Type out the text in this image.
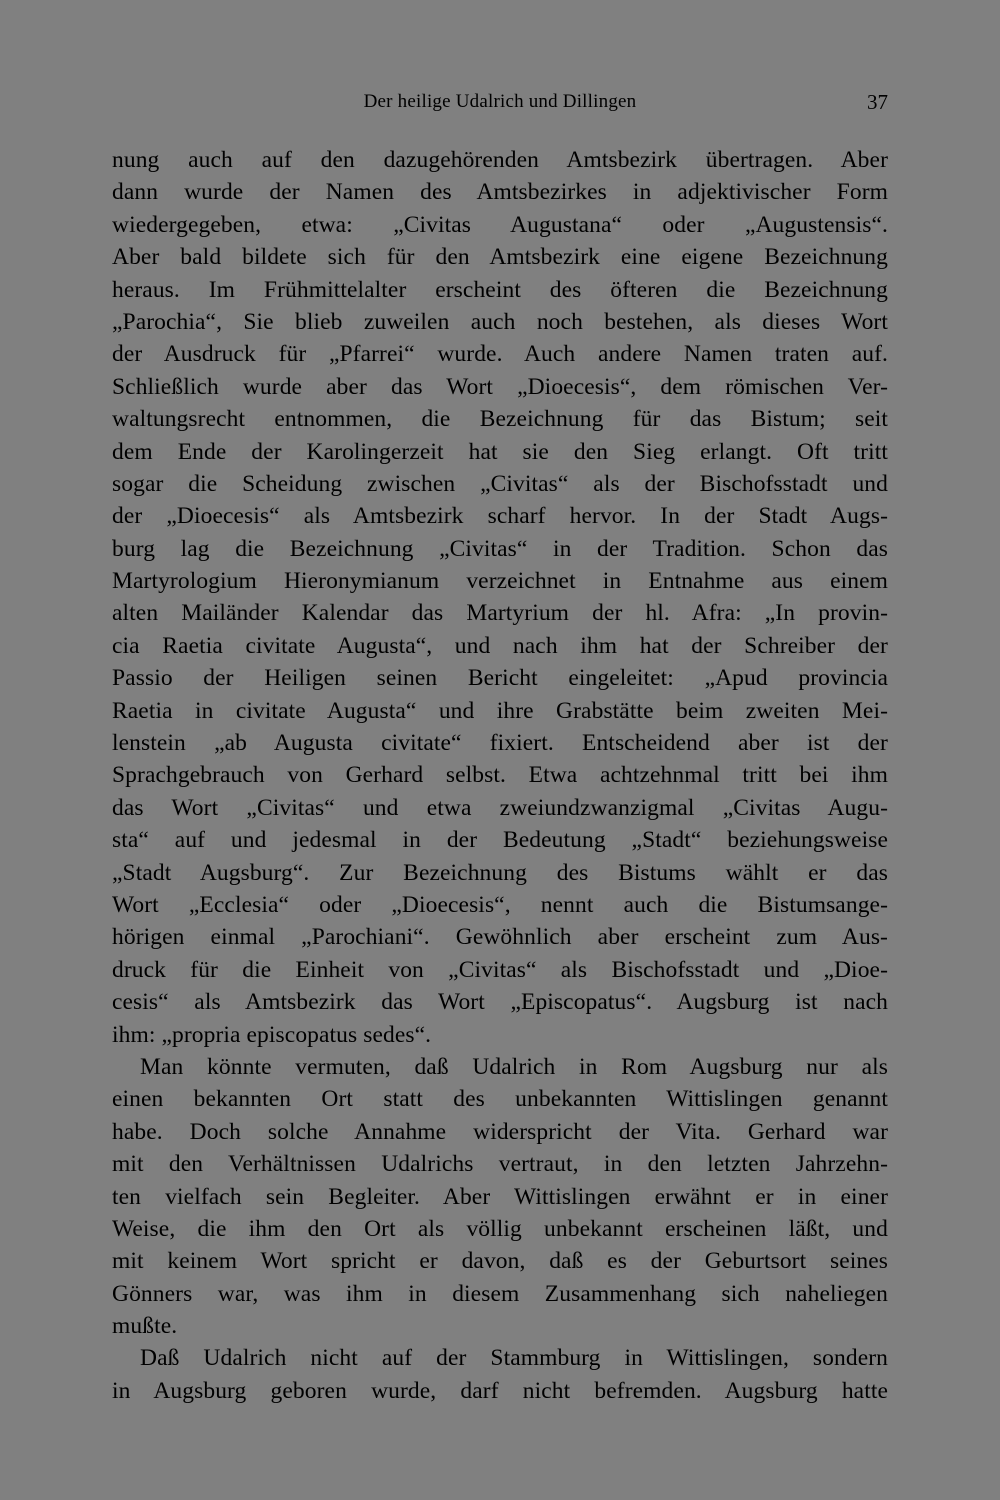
Der heilige Udalrich und Dillingen	37
nung auch auf den dazugehörenden Amtsbezirk übertragen. Aber
dann wurde der Namen des Amtsbezirkes in adjektivischer Form
wiedergegeben, etwa: „Civitas Augustana“ oder „Augustensis“.
Aber bald bildete sich für den Amtsbezirk eine eigene Bezeichnung
heraus. Im Frühmittelalter erscheint des öfteren die Bezeichnung
„Parochia“, Sie blieb zuweilen auch noch bestehen, als dieses Wort
der Ausdruck für „Pfarrei“ wurde. Auch andere Namen traten auf.
Schließlich wurde aber das Wort „Dioecesis“, dem römischen Ver-
waltungsrecht entnommen, die Bezeichnung für das Bistum; seit
dem Ende der Karolingerzeit hat sie den Sieg erlangt. Oft tritt
sogar die Scheidung zwischen „Civitas“ als der Bischofsstadt und
der „Dioecesis“ als Amtsbezirk scharf hervor. In der Stadt Augs-
burg lag die Bezeichnung „Civitas“ in der Tradition. Schon das
Martyrologium Hieronymianum verzeichnet in Entnahme aus einem
alten Mailänder Kalendar das Martyrium der hl. Afra: „In provin-
cia Raetia civitate Augusta“, und nach ihm hat der Schreiber der
Passio der Heiligen seinen Bericht eingeleitet: „Apud provincia
Raetia in civitate Augusta“ und ihre Grabstätte beim zweiten Mei-
lenstein „ab Augusta civitate“ fixiert. Entscheidend aber ist der
Sprachgebrauch von Gerhard selbst. Etwa achtzehnmal tritt bei ihm
das Wort „Civitas“ und etwa zweiundzwanzigmal „Civitas Augu-
sta“ auf und jedesmal in der Bedeutung „Stadt“ beziehungsweise
„Stadt Augsburg“. Zur Bezeichnung des Bistums wählt er das
Wort „Ecclesia“ oder „Dioecesis“, nennt auch die Bistumsange-
hörigen einmal „Parochiani“. Gewöhnlich aber erscheint zum Aus-
druck für die Einheit von „Civitas“ als Bischofsstadt und „Dioe-
cesis“ als Amtsbezirk das Wort „Episcopatus“. Augsburg ist nach
ihm: „propria episcopatus sedes“.
Man könnte vermuten, daß Udalrich in Rom Augsburg nur als
einen bekannten Ort statt des unbekannten Wittislingen genannt
habe. Doch solche Annahme widerspricht der Vita. Gerhard war
mit den Verhältnissen Udalrichs vertraut, in den letzten Jahrzehn-
ten vielfach sein Begleiter. Aber Wittislingen erwähnt er in einer
Weise, die ihm den Ort als völlig unbekannt erscheinen läßt, und
mit keinem Wort spricht er davon, daß es der Geburtsort seines
Gönners war, was ihm in diesem Zusammenhang sich naheliegen
mußte.
Daß Udalrich nicht auf der Stammburg in Wittislingen, sondern
in Augsburg geboren wurde, darf nicht befremden. Augsburg hatte
